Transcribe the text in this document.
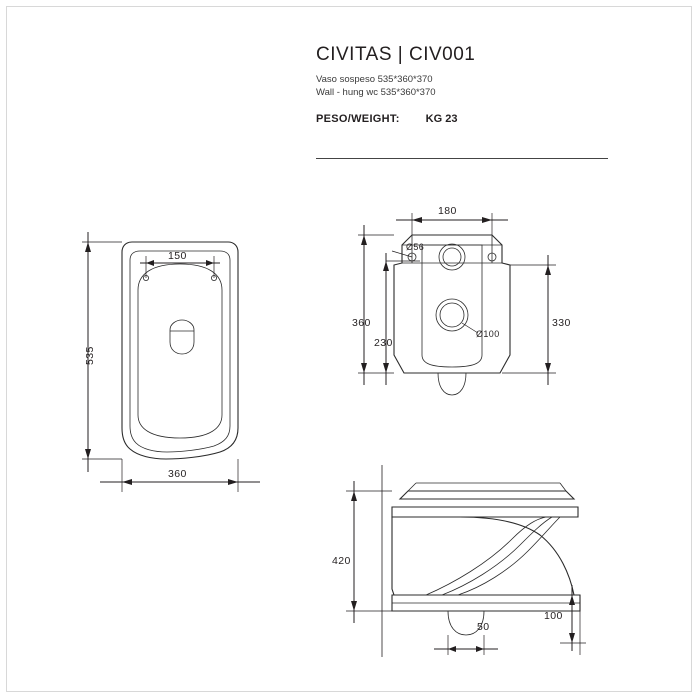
CIVITAS | CIV001
Vaso sospeso 535*360*370
Wall - hung wc 535*360*370
PESO/WEIGHT: KG 23
150
360
535
180
360
230
330
Ø56
Ø100
420
100
50
